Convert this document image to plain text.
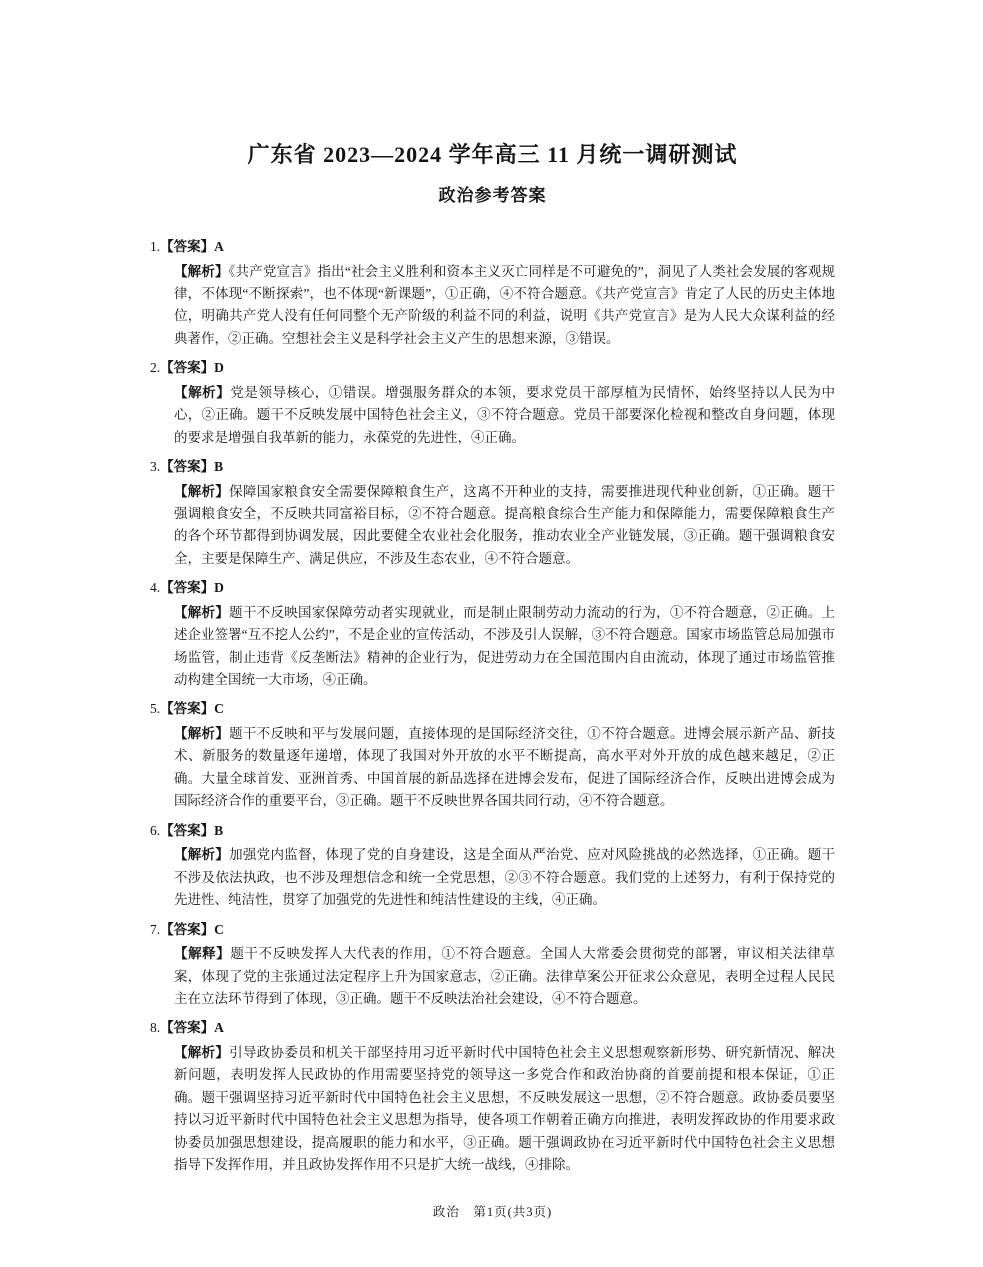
广东省 2023—2024 学年高三 11 月统一调研测试
政治参考答案

1.【答案】A

【解析】《共产党宣言》指出“社会主义胜利和资本主义灭亡同样是不可避免的”，洞见了人类社会发展的客观规律，不体现“不断探索”，也不体现“新课题”，①正确，④不符合题意。《共产党宣言》肯定了人民的历史主体地位，明确共产党人没有任何同整个无产阶级的利益不同的利益，说明《共产党宣言》是为人民大众谋利益的经典著作，②正确。空想社会主义是科学社会主义产生的思想来源，③错误。

2.【答案】D

【解析】党是领导核心，①错误。增强服务群众的本领，要求党员干部厚植为民情怀，始终坚持以人民为中心，②正确。题干不反映发展中国特色社会主义，③不符合题意。党员干部要深化检视和整改自身问题，体现的要求是增强自我革新的能力，永葆党的先进性，④正确。

3.【答案】B

【解析】保障国家粮食安全需要保障粮食生产，这离不开种业的支持，需要推进现代种业创新，①正确。题干强调粮食安全，不反映共同富裕目标，②不符合题意。提高粮食综合生产能力和保障能力，需要保障粮食生产的各个环节都得到协调发展，因此要健全农业社会化服务，推动农业全产业链发展，③正确。题干强调粮食安全，主要是保障生产、满足供应，不涉及生态农业，④不符合题意。

4.【答案】D

【解析】题干不反映国家保障劳动者实现就业，而是制止限制劳动力流动的行为，①不符合题意，②正确。上述企业签署“互不挖人公约”，不是企业的宣传活动，不涉及引人误解，③不符合题意。国家市场监管总局加强市场监管，制止违背《反垄断法》精神的企业行为，促进劳动力在全国范围内自由流动，体现了通过市场监管推动构建全国统一大市场，④正确。

5.【答案】C

【解析】题干不反映和平与发展问题，直接体现的是国际经济交往，①不符合题意。进博会展示新产品、新技术、新服务的数量逐年递增，体现了我国对外开放的水平不断提高，高水平对外开放的成色越来越足，②正确。大量全球首发、亚洲首秀、中国首展的新品选择在进博会发布，促进了国际经济合作，反映出进博会成为国际经济合作的重要平台，③正确。题干不反映世界各国共同行动，④不符合题意。

6.【答案】B

【解析】加强党内监督，体现了党的自身建设，这是全面从严治党、应对风险挑战的必然选择，①正确。题干不涉及依法执政，也不涉及理想信念和统一全党思想，②③不符合题意。我们党的上述努力，有利于保持党的先进性、纯洁性，贯穿了加强党的先进性和纯洁性建设的主线，④正确。

7.【答案】C

【解释】题干不反映发挥人大代表的作用，①不符合题意。全国人大常委会贯彻党的部署，审议相关法律草案，体现了党的主张通过法定程序上升为国家意志，②正确。法律草案公开征求公众意见，表明全过程人民民主在立法环节得到了体现，③正确。题干不反映法治社会建设，④不符合题意。

8.【答案】A

【解析】引导政协委员和机关干部坚持用习近平新时代中国特色社会主义思想观察新形势、研究新情况、解决新问题，表明发挥人民政协的作用需要坚持党的领导这一多党合作和政治协商的首要前提和根本保证，①正确。题干强调坚持习近平新时代中国特色社会主义思想，不反映发展这一思想，②不符合题意。政协委员要坚持以习近平新时代中国特色社会主义思想为指导，使各项工作朝着正确方向推进，表明发挥政协的作用要求政协委员加强思想建设，提高履职的能力和水平，③正确。题干强调政协在习近平新时代中国特色社会主义思想指导下发挥作用，并且政协发挥作用不只是扩大统一战线，④排除。

政治　第1页(共3页)
